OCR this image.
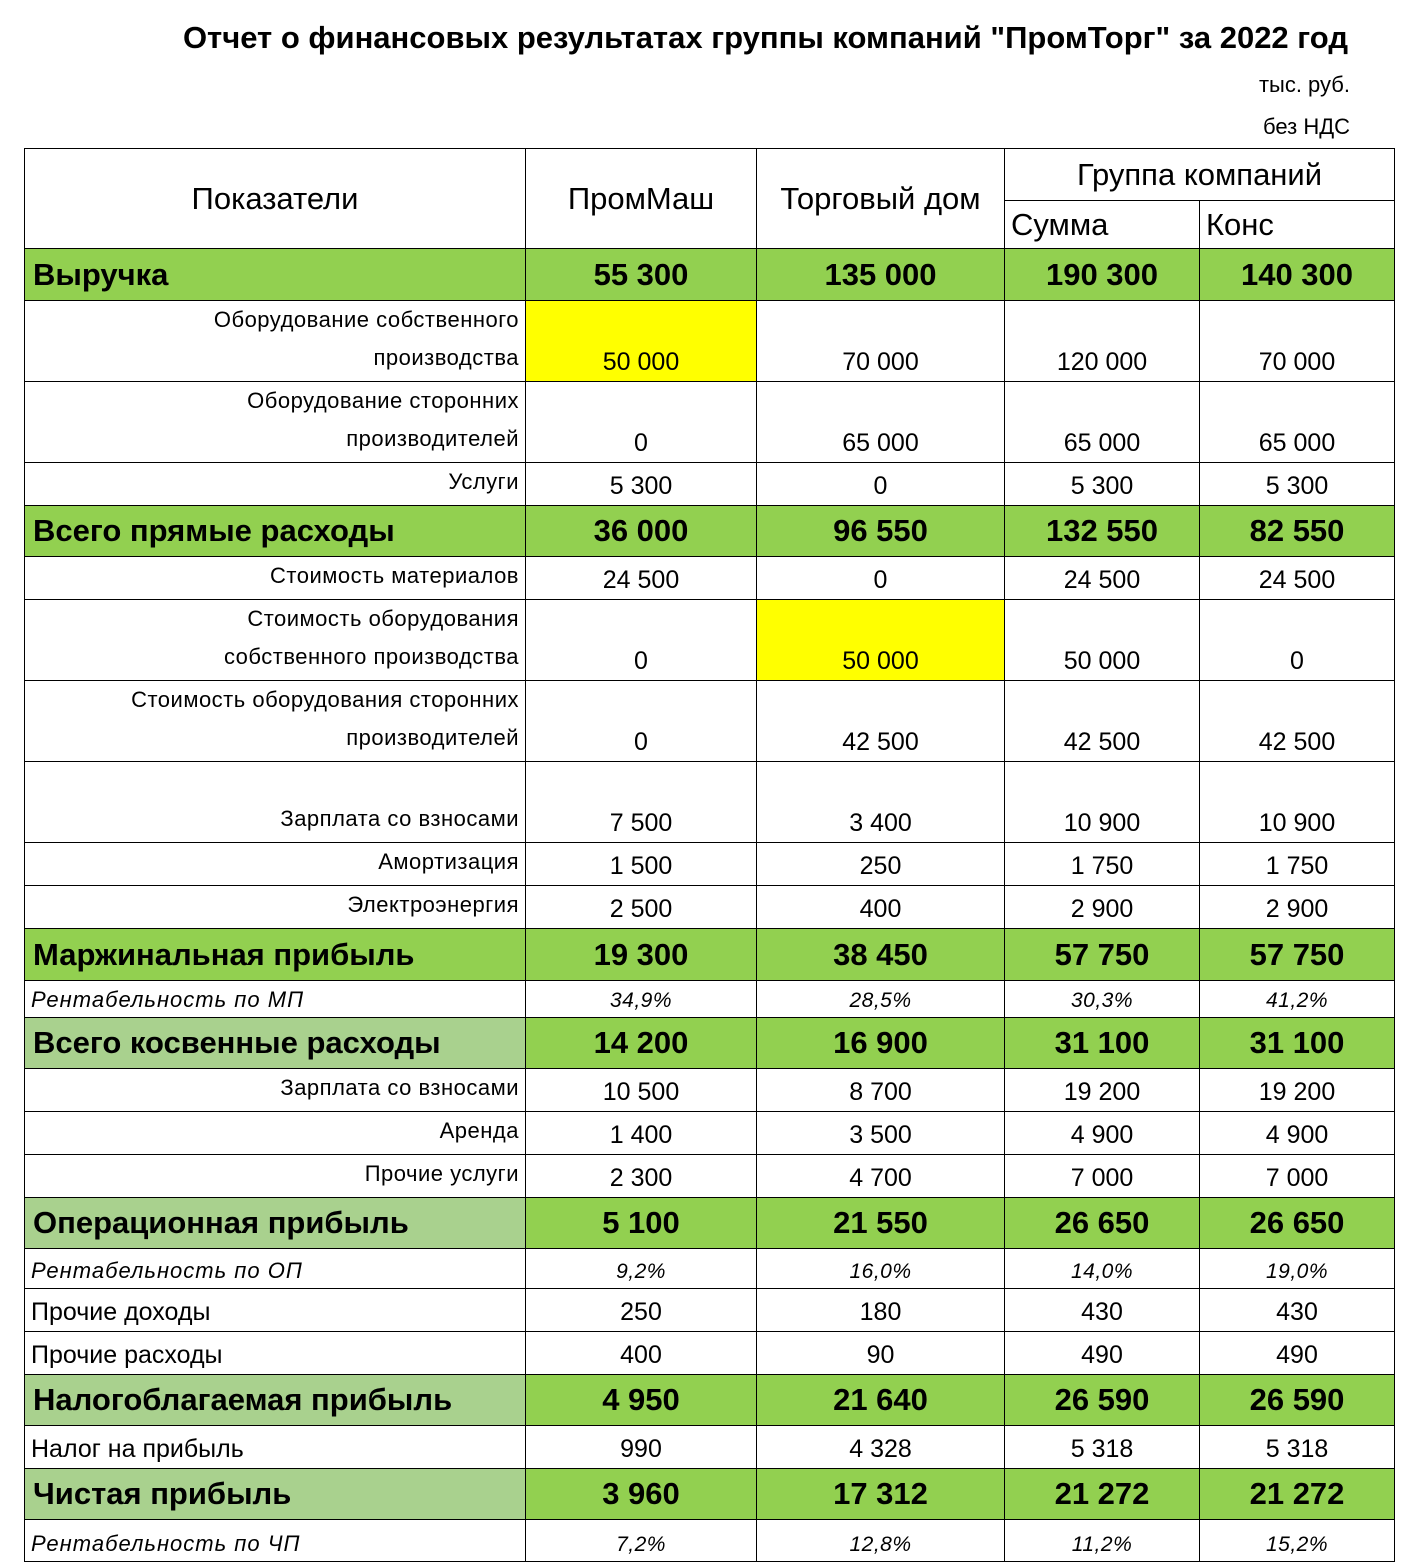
Отчет о финансовых результатах группы компаний "ПромТорг" за 2022 год
тыс. руб.
без НДС
Показатели	ПромМаш	Торговый дом	Группа компаний	
			Сумма	Конс
Выручка	55 300	135 000	190 300	140 300
Оборудование собственного
производства	50 000	70 000	120 000	70 000
Оборудование сторонних
производителей	0	65 000	65 000	65 000
Услуги	5 300	0	5 300	5 300
Всего прямые расходы	36 000	96 550	132 550	82 550
Стоимость материалов	24 500	0	24 500	24 500
Стоимость оборудования
собственного производства	0	50 000	50 000	0
Стоимость оборудования сторонних
производителей	0	42 500	42 500	42 500
Зарплата со взносами	7 500	3 400	10 900	10 900
Амортизация	1 500	250	1 750	1 750
Электроэнергия	2 500	400	2 900	2 900
Маржинальная прибыль	19 300	38 450	57 750	57 750
Рентабельность по МП	34,9%	28,5%	30,3%	41,2%
Всего косвенные расходы	14 200	16 900	31 100	31 100
Зарплата со взносами	10 500	8 700	19 200	19 200
Аренда	1 400	3 500	4 900	4 900
Прочие услуги	2 300	4 700	7 000	7 000
Операционная прибыль	5 100	21 550	26 650	26 650
Рентабельность по ОП	9,2%	16,0%	14,0%	19,0%
Прочие доходы	250	180	430	430
Прочие расходы	400	90	490	490
Налогоблагаемая прибыль	4 950	21 640	26 590	26 590
Налог на прибыль	990	4 328	5 318	5 318
Чистая прибыль	3 960	17 312	21 272	21 272
Рентабельность по ЧП	7,2%	12,8%	11,2%	15,2%
